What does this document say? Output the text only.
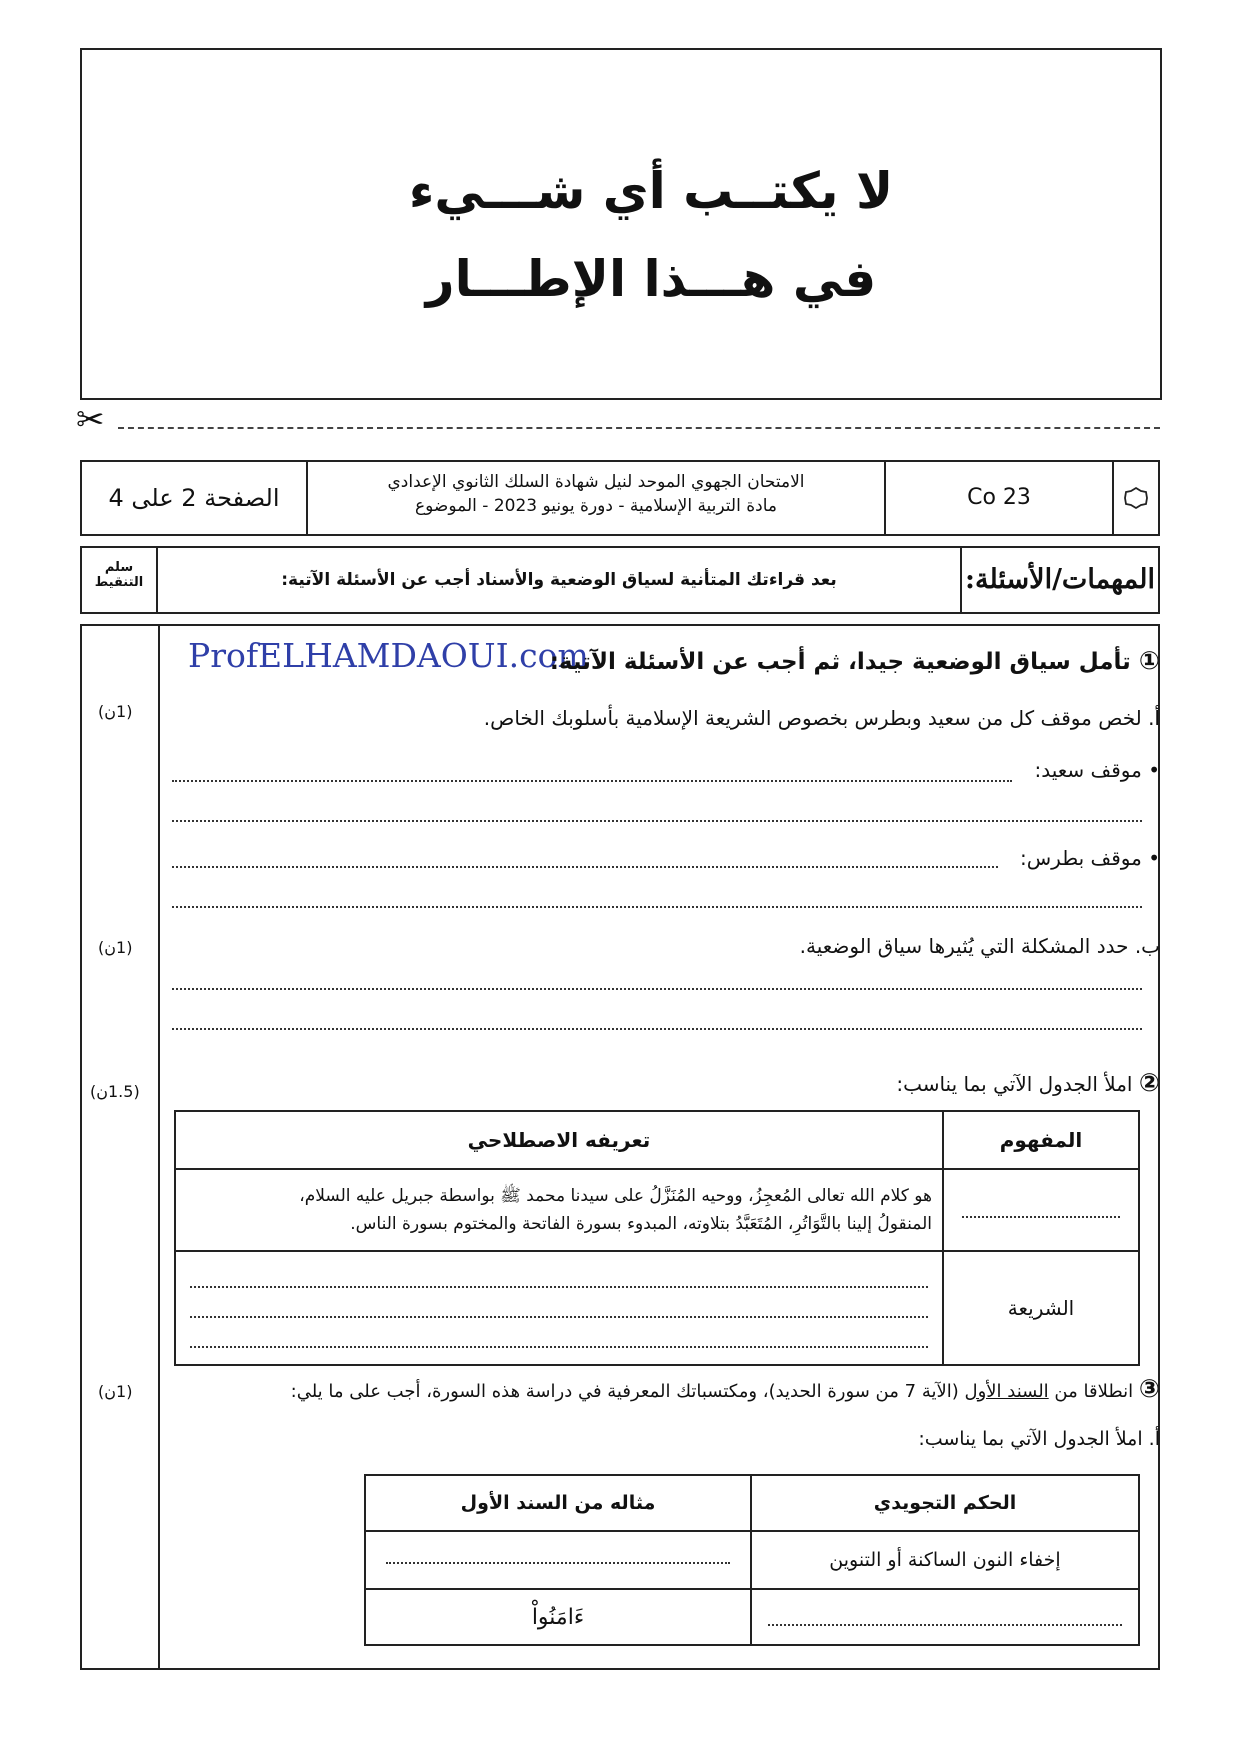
لا يكتــب أي شـــيء
في هـــذا الإطـــار
✂
الصفحة 2 على 4
الامتحان الجهوي الموحد لنيل شهادة السلك الثانوي الإعدادي
مادة التربية الإسلامية - دورة يونيو 2023 - الموضوع	Co 23
سلم
التنقيط	بعد قراءتك المتأنية لسياق الوضعية والأسناد أجب عن الأسئلة الآتية:	المهمات/الأسئلة:
ProfELHAMDAOUI.com	① تأمل سياق الوضعية جيدا، ثم أجب عن الأسئلة الآتية:
(1ن)	أ. لخص موقف كل من سعيد وبطرس بخصوص الشريعة الإسلامية بأسلوبك الخاص.
• موقف سعيد:
• موقف بطرس:
(1ن)	ب. حدد المشكلة التي يُثيرها سياق الوضعية.
(1.5ن)	② املأ الجدول الآتي بما يناسب:
المفهوم	تعريفه الاصطلاحي

	هو كلام الله تعالى المُعجِزُ، ووحيه المُنَزَّلُ على سيدنا محمد ﷺ بواسطة جبريل عليه السلام،
المنقولُ إلينا بالتَّوَاتُرِ، المُتَعَبَّدُ بتلاوته، المبدوء بسورة الفاتحة والمختوم بسورة الناس.

الشريعة	
(1ن)	③ انطلاقا من السند الأول (الآية 7 من سورة الحديد)، ومكتسباتك المعرفية في دراسة هذه السورة، أجب على ما يلي:
أ. املأ الجدول الآتي بما يناسب:
الحكم التجويدي	مثاله من السند الأول
إخفاء النون الساكنة أو التنوين	

	ءَامَنُواْ
